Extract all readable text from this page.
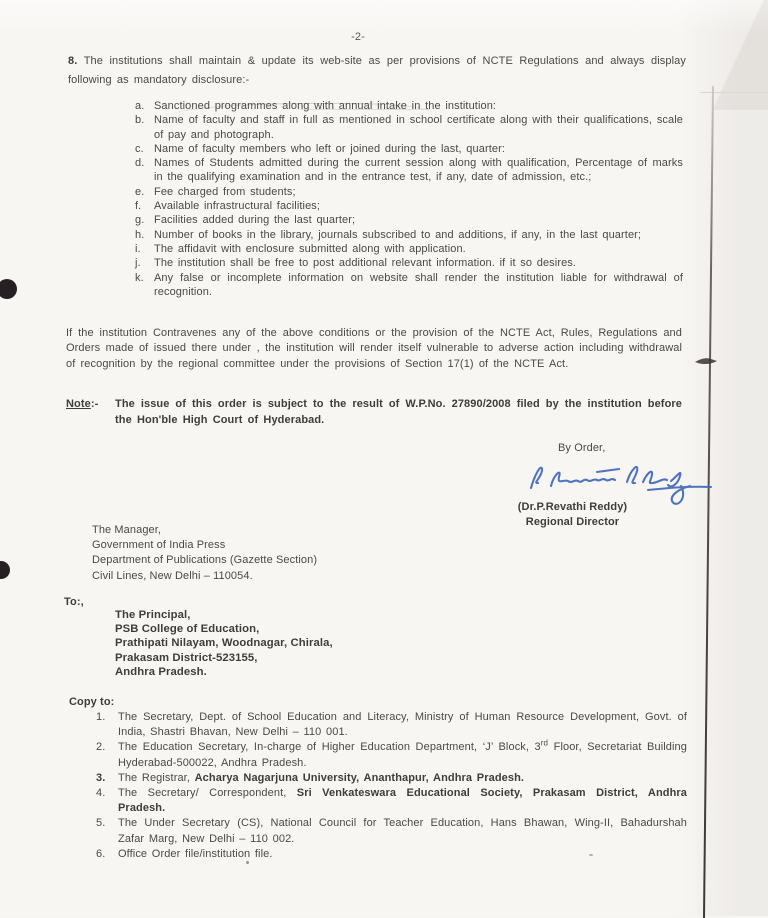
-2-
8. The institutions shall maintain & update its web-site as per provisions of NCTE Regulations and always display following as mandatory disclosure:-
a. Sanctioned programmes along with annual intake in the institution:
b. Name of faculty and staff in full as mentioned in school certificate along with their qualifications, scale of pay and photograph.
c. Name of faculty members who left or joined during the last, quarter:
d. Names of Students admitted during the current session along with qualification, Percentage of marks in the qualifying examination and in the entrance test, if any, date of admission, etc.;
e. Fee charged from students;
f.	Available infrastructural facilities;
g. Facilities added during the last quarter;
h. Number of books in the library, journals subscribed to and additions, if any, in the last quarter;
i.	The affidavit with enclosure submitted along with application.
j.	The institution shall be free to post additional relevant information. if it so desires.
k. Any false or incomplete information on website shall render the institution liable for withdrawal of recognition.
If the institution Contravenes any of the above conditions or the provision of the NCTE Act, Rules, Regulations and Orders made of issued there under , the institution will render itself vulnerable to adverse action including withdrawal of recognition by the regional committee under the provisions of Section 17(1) of the NCTE Act.
Note:-	The issue of this order is subject to the result of W.P.No. 27890/2008 filed by the institution before the Hon'ble High Court of Hyderabad.
By Order,
(Dr.P.Revathi Reddy)
Regional Director
The Manager,
Government of India Press
Department of Publications (Gazette Section)
Civil Lines, New Delhi – 110054.
To:,
The Principal,
PSB College of Education,
Prathipati Nilayam, Woodnagar, Chirala,
Prakasam District-523155,
Andhra Pradesh.
Copy to:
1.	The Secretary, Dept. of School Education and Literacy, Ministry of Human Resource Development, Govt. of India, Shastri Bhavan, New Delhi – 110 001.
2.	The Education Secretary, In-charge of Higher Education Department, ‘J’ Block, 3rd Floor, Secretariat Building Hyderabad-500022, Andhra Pradesh.
3.	The Registrar, Acharya Nagarjuna University, Ananthapur, Andhra Pradesh.
4.	The Secretary/ Correspondent, Sri Venkateswara Educational Society, Prakasam District, Andhra Pradesh.
5.	The Under Secretary (CS), National Council for Teacher Education, Hans Bhawan, Wing-II, Bahadurshah Zafar Marg, New Delhi – 110 002.
6.	Office Order file/institution file.
